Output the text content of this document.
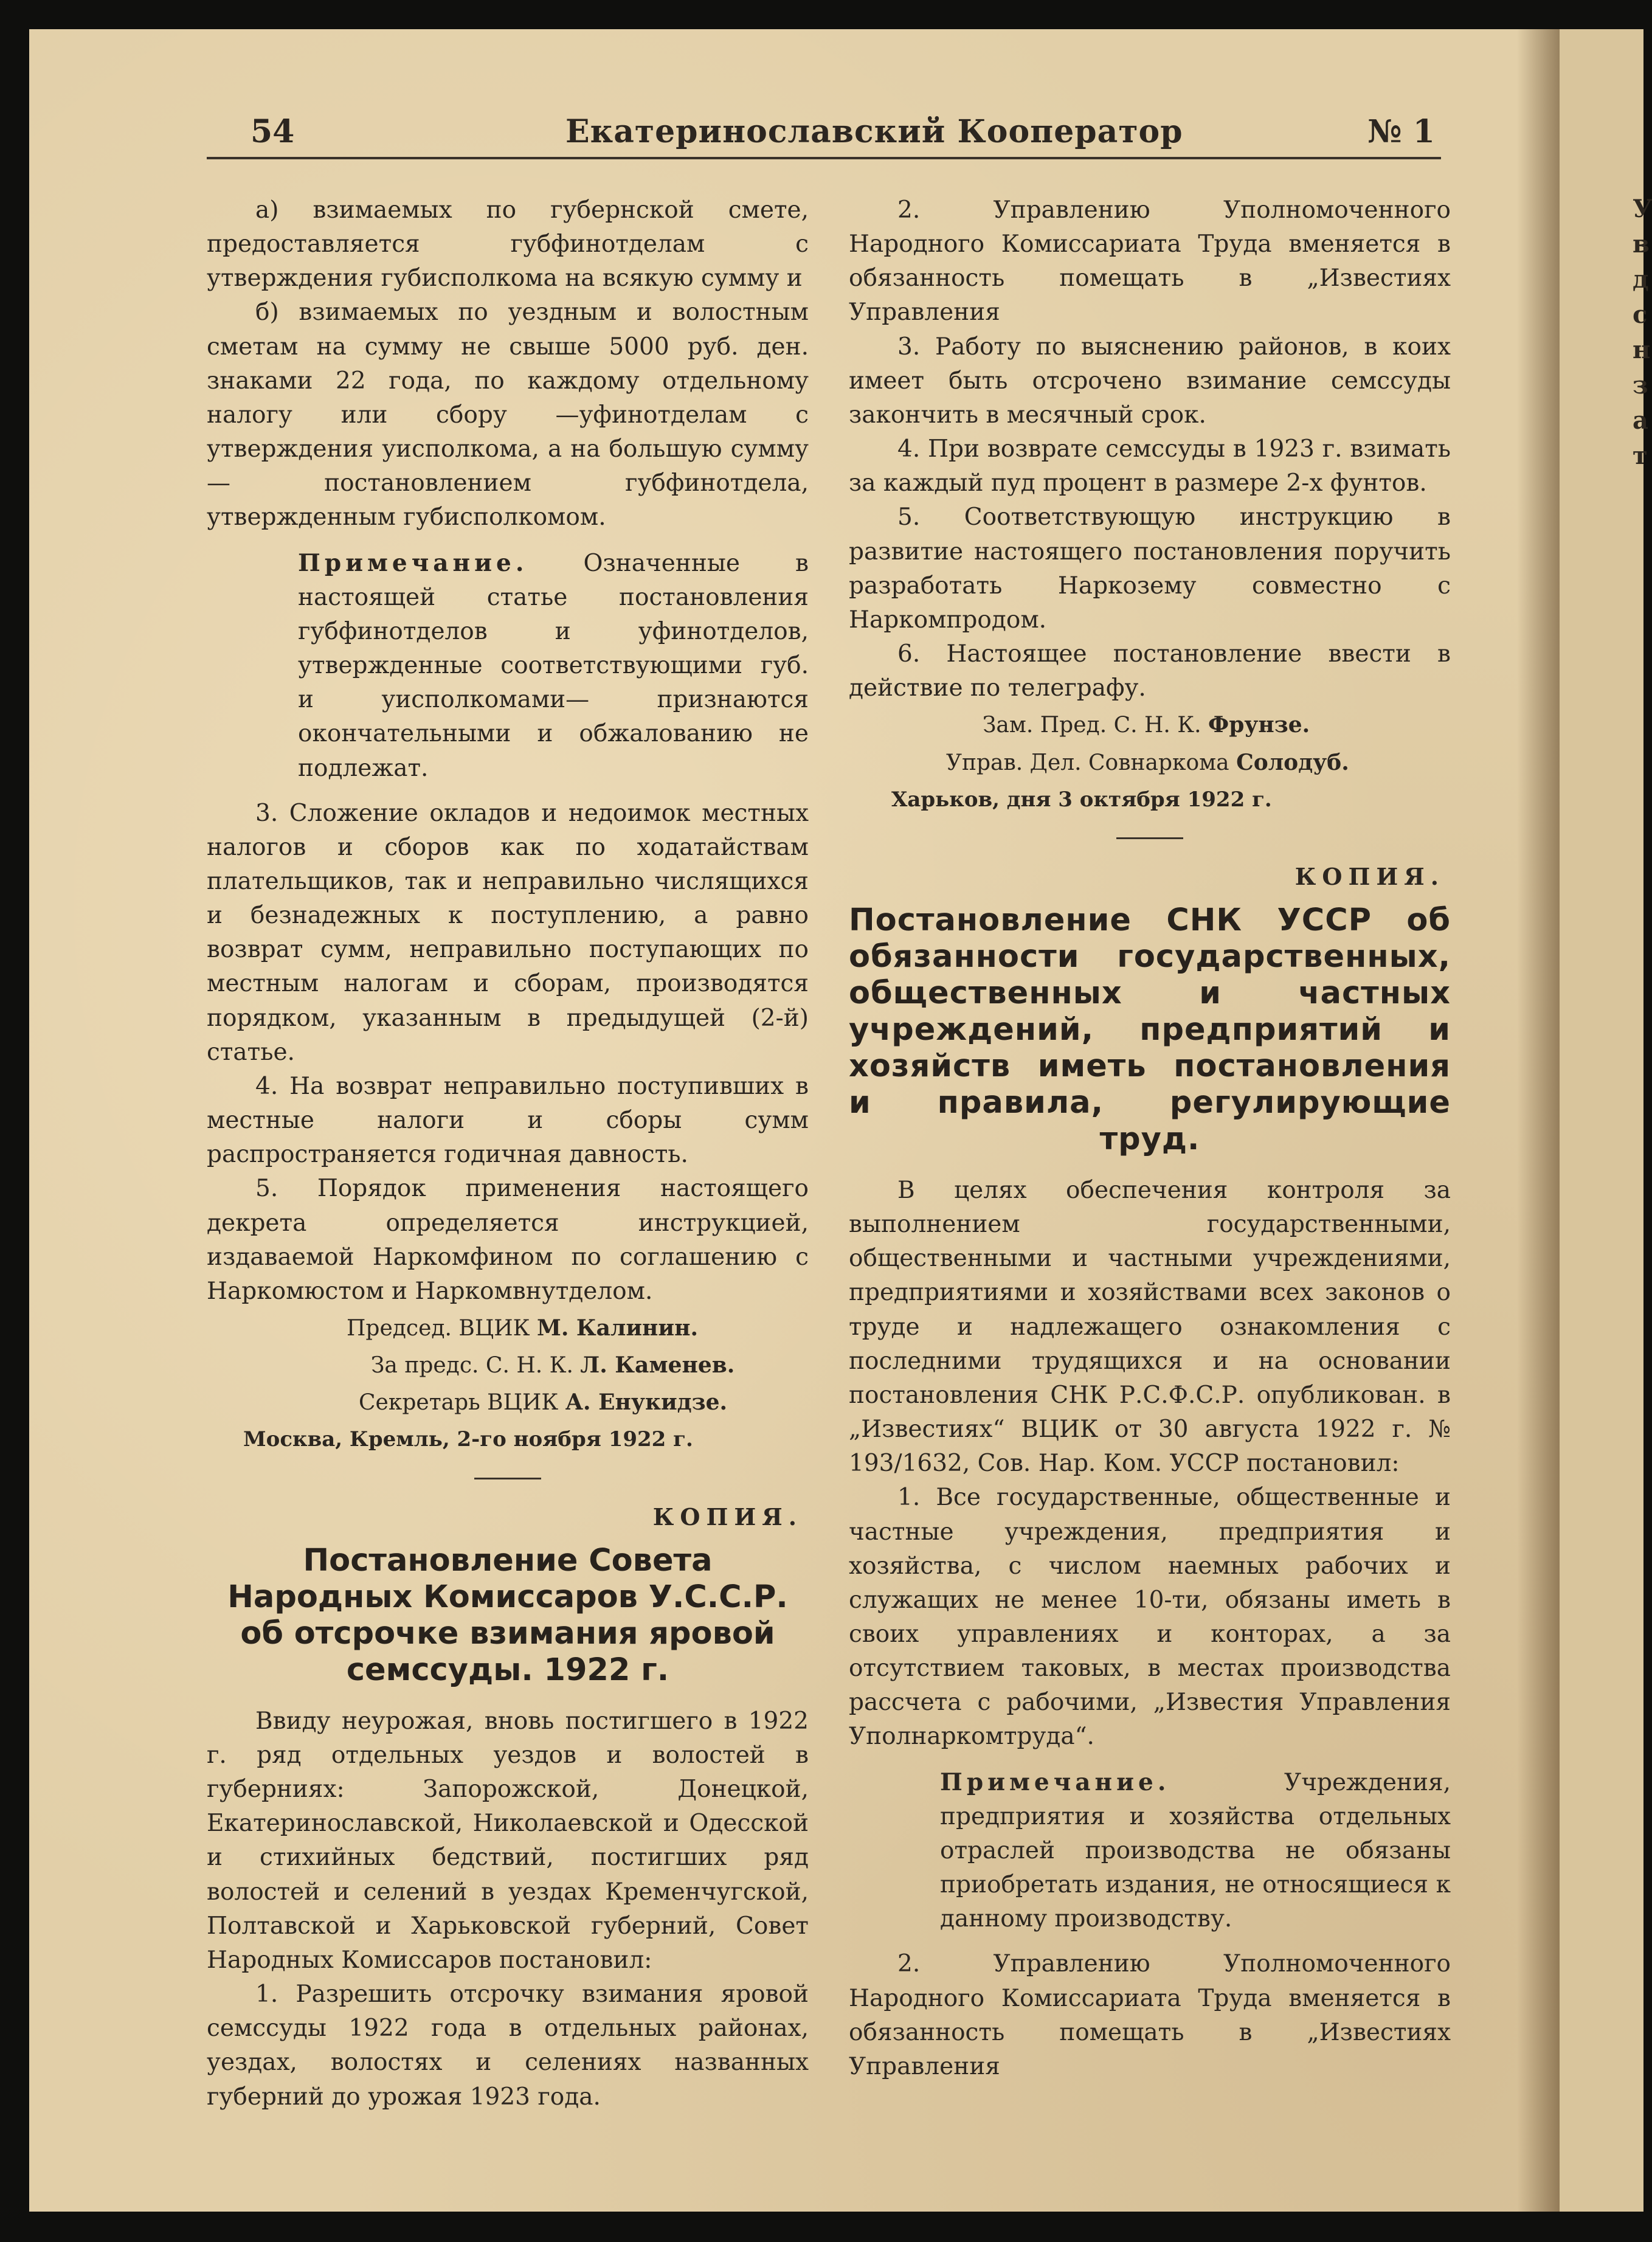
У
в
д
с
н
з
а
т
54	Екатеринославский Кооператор	№ 1

а) взимаемых по губернской смете, предоставляется губфинотделам с утверждения губисполкома на всякую сумму и

б) взимаемых по уездным и волостным сметам на сумму не свыше 5000 руб. ден. знаками 22 года, по каждому отдельному налогу или сбору —уфинотделам с утверждения уисполкома, а на большую сумму— постановлением губфинотдела, утвержденным губисполкомом.

Примечание. Означенные в настоящей статье постановления губфинотделов и уфинотделов, утвержденные соответствующими губ. и уисполкомами— признаются окончательными и обжалованию не подлежат.

3. Сложение окладов и недоимок местных налогов и сборов как по ходатайствам плательщиков, так и неправильно числящихся и безнадежных к поступлению, а равно возврат сумм, неправильно поступающих по местным налогам и сборам, производятся порядком, указанным в предыдущей (2-й) статье.

4. На возврат неправильно поступивших в местные налоги и сборы сумм распространяется годичная давность.

5. Порядок применения настоящего декрета определяется инструкцией, издаваемой Наркомфином по соглашению с Наркомюстом и Наркомвнутделом.

Председ. ВЦИК М. Калинин.

За предс. С. Н. К. Л. Каменев.

Секретарь ВЦИК А. Енукидзе.

Москва, Кремль, 2-го ноября 1922 г.

КОПИЯ.

Постановление Совета Народных Комиссаров У.С.С.Р. об отсрочке взимания яровой семссуды. 1922 г.

Ввиду неурожая, вновь постигшего в 1922 г. ряд отдельных уездов и волостей в губерниях: Запорожской, Донецкой, Екатеринославской, Николаевской и Одесской и стихийных бедствий, постигших ряд волостей и селений в уездах Кременчугской, Полтавской и Харьковской губерний, Совет Народных Комиссаров постановил:

1. Разрешить отсрочку взимания яровой семссуды 1922 года в отдельных районах, уездах, волостях и селениях названных губерний до урожая 1923 года.

2. Управлению Уполномоченного Народного Комиссариата Труда вменяется в обязанность помещать в „Известиях Управления

3. Работу по выяснению районов, в коих имеет быть отсрочено взимание семссуды закончить в месячный срок.

4. При возврате семссуды в 1923 г. взимать за каждый пуд процент в размере 2-х фунтов.

5. Соответствующую инструкцию в развитие настоящего постановления поручить разработать Наркозему совместно с Наркомпродом.

6. Настоящее постановление ввести в действие по телеграфу.

Зам. Пред. С. Н. К. Фрунзе.

Управ. Дел. Совнаркома Солодуб.

Харьков, дня 3 октября 1922 г.

КОПИЯ.

Постановление СНК УССР об обязанности государственных, общественных и частных учреждений, предприятий и хозяйств иметь постановления и правила, регулирующие труд.

В целях обеспечения контроля за выполнением государственными, общественными и частными учреждениями, предприятиями и хозяйствами всех законов о труде и надлежащего ознакомления с последними трудящихся и на основании постановления СНК Р.С.Ф.С.Р. опубликован. в „Известиях“ ВЦИК от 30 августа 1922 г. № 193/1632, Сов. Нар. Ком. УССР постановил:

1. Все государственные, общественные и частные учреждения, предприятия и хозяйства, с числом наемных рабочих и служащих не менее 10-ти, обязаны иметь в своих управлениях и конторах, а за отсутствием таковых, в местах производства рассчета с рабочими, „Известия Управления Уполнаркомтруда“.

Примечание. Учреждения, предприятия и хозяйства отдельных отраслей производства не обязаны приобретать издания, не относящиеся к данному производству.

2. Управлению Уполномоченного Народного Комиссариата Труда вменяется в обязанность помещать в „Известиях Управления
